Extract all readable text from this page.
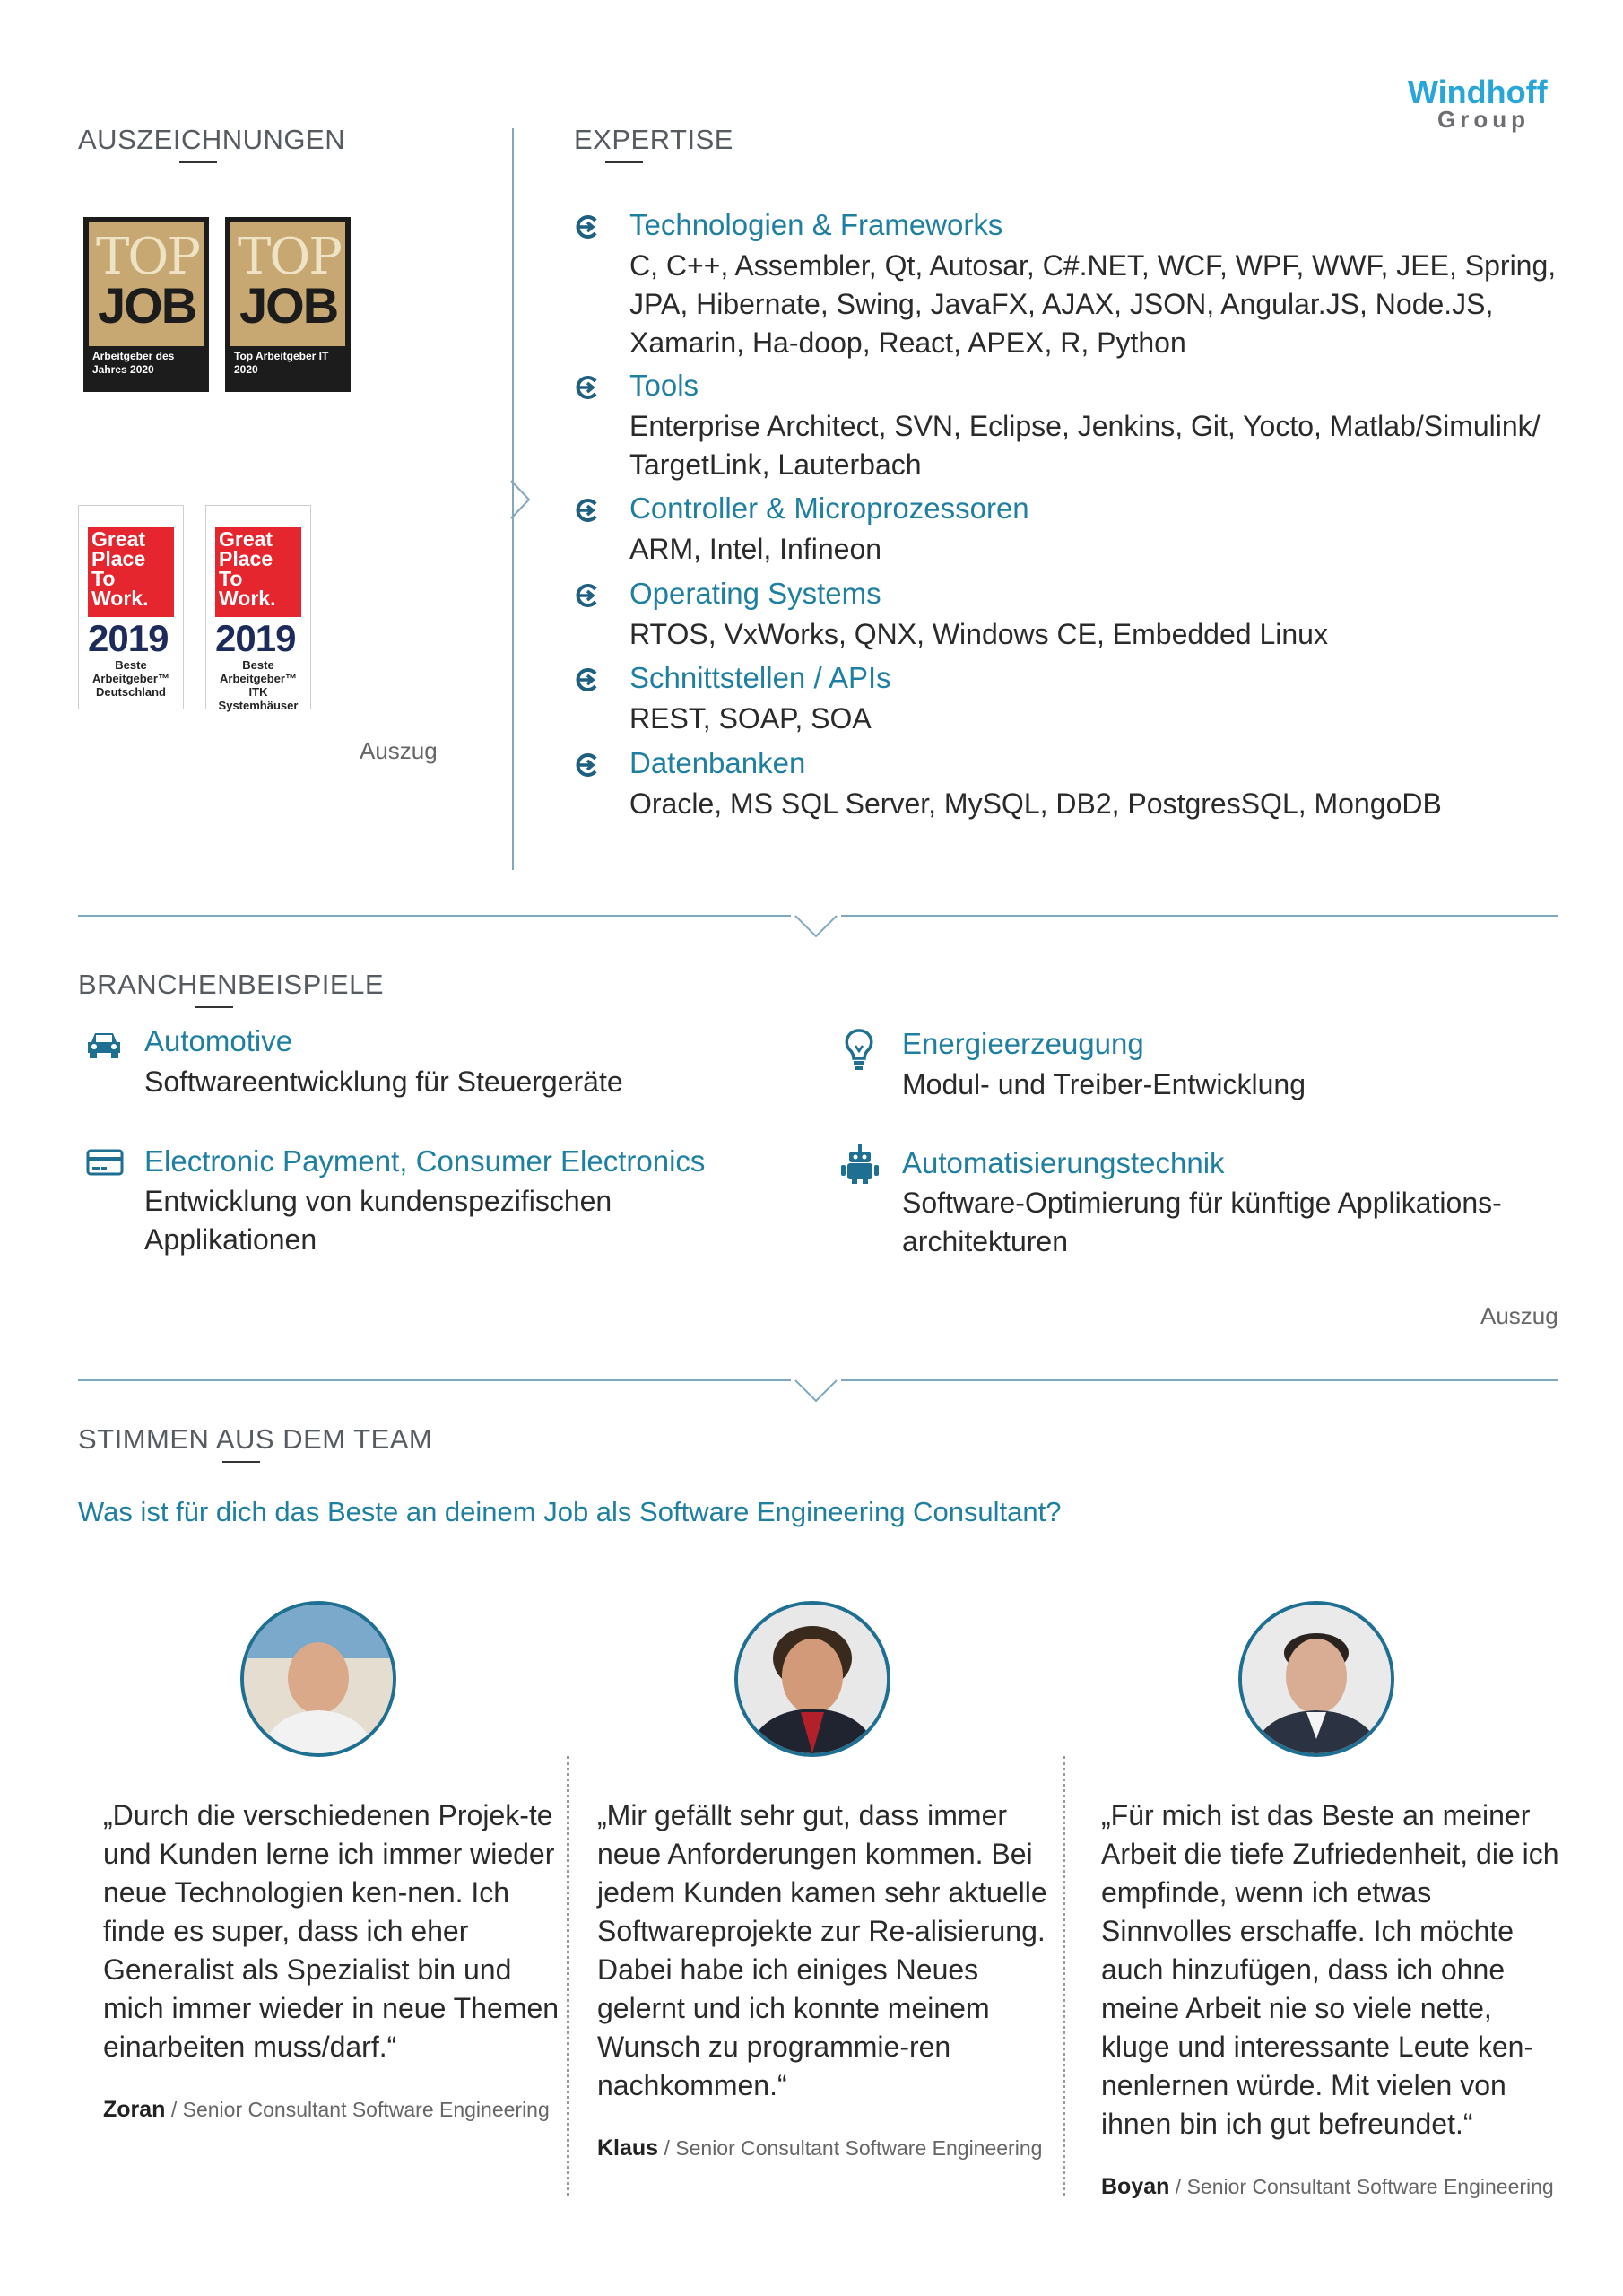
Windhoff
Group
AUSZEICHNUNGEN	EXPERTISE
TOP
JOB
Arbeitgeber des Jahres 2020
TOP
JOB
Top Arbeitgeber IT 2020
Great Place To Work.
2019
Beste Arbeitgeber™ Deutschland
Great Place To Work.
2019
Beste Arbeitgeber™ ITK Systemhäuser
Auszug
Technologien & Frameworks
C, C++, Assembler, Qt, Autosar, C#.NET, WCF, WPF, WWF, JEE, Spring, JPA, Hibernate, Swing, JavaFX, AJAX, JSON, Angular.JS, Node.JS, Xamarin, Ha-doop, React, APEX, R, Python
Tools
Enterprise Architect, SVN, Eclipse, Jenkins, Git, Yocto, Matlab/Simulink/ TargetLink, Lauterbach
Controller & Microprozessoren
ARM, Intel, Infineon
Operating Systems
RTOS, VxWorks, QNX, Windows CE, Embedded Linux
Schnittstellen / APIs
REST, SOAP, SOA
Datenbanken
Oracle, MS SQL Server, MySQL, DB2, PostgresSQL, MongoDB
BRANCHENBEISPIELE
Automotive
Softwareentwicklung für Steuergeräte
Energieerzeugung
Modul- und Treiber-Entwicklung
Electronic Payment, Consumer Electronics
Entwicklung von kundenspezifischen Applikationen
Automatisierungstechnik
Software-Optimierung für künftige Applikations-architekturen
Auszug
STIMMEN AUS DEM TEAM
Was ist für dich das Beste an deinem Job als Software Engineering Consultant?
„Durch die verschiedenen Projek-te und Kunden lerne ich immer wieder neue Technologien ken-nen. Ich finde es super, dass ich eher Generalist als Spezialist bin und mich immer wieder in neue Themen einarbeiten muss/darf.“
Zoran / Senior Consultant Software Engineering
„Mir gefällt sehr gut, dass immer neue Anforderungen kommen. Bei jedem Kunden kamen sehr aktuelle Softwareprojekte zur Re-alisierung. Dabei habe ich einiges Neues gelernt und ich konnte meinem Wunsch zu programmie-ren nachkommen.“
Klaus / Senior Consultant Software Engineering
„Für mich ist das Beste an meiner Arbeit die tiefe Zufriedenheit, die ich empfinde, wenn ich etwas Sinnvolles erschaffe. Ich möchte auch hinzufügen, dass ich ohne meine Arbeit nie so viele nette, kluge und interessante Leute ken-nenlernen würde. Mit vielen von ihnen bin ich gut befreundet.“
Boyan / Senior Consultant Software Engineering
